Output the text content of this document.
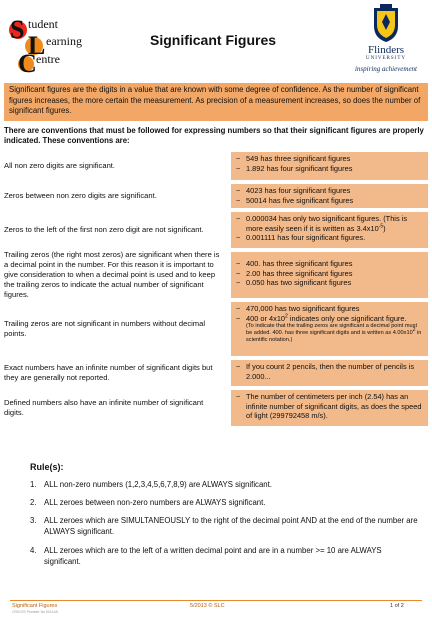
S
L
C
tudent
earning
entre
Significant Figures
Flinders
UNIVERSITY
inspiring achievement
Significant figures are the digits in a value that are known with some degree of confidence. As the number of significant figures increases, the more certain the measurement. As precision of a measurement increases, so does the number of significant figures.
There are conventions that must be followed for expressing numbers so that their significant figures are properly indicated. These conventions are:
All non zero digits are significant.
~ 549 has three significant figures
~ 1.892 has four significant figures
Zeros between non zero digits are significant.
~ 4023 has four significant figures
~ 50014 has five significant figures
Zeros to the left of the first non zero digit are not significant.
~ 0.000034 has only two significant figures. (This is more easily seen if it is written as $3.4x10^{-5}$)
~ 0.001111 has four significant figures.
Trailing zeros (the right most zeros) are significant when there is a decimal point in the number. For this reason it is important to give consideration to when a decimal point is used and to keep the trailing zeros to indicate the actual number of significant figures.
~ 400. has three significant figures
~ 2.00 has three significant figures
~ 0.050 has two significant figures
Trailing zeros are not significant in numbers without decimal points.
~ 470,000 has two significant figures
~ 400 or $4x10^2$ indicates only one significant figure.
(To indicate that the trailing zeros are significant a decimal point must be added. 400. has three significant digits and is written as $4.00x10^2$ in scientific notation.)
Exact numbers have an infinite number of significant digits but they are generally not reported.
~ If you count 2 pencils, then the number of pencils is 2.000...
Defined numbers also have an infinite number of significant digits.
~ The number of centimeters per inch (2.54) has an infinite number of significant digits, as does the speed of light (299792458 m/s).
Rule(s):
1. ALL non-zero numbers (1,2,3,4,5,6,7,8,9) are ALWAYS significant.
2. ALL zeroes between non-zero numbers are ALWAYS significant.
3. ALL zeroes which are SIMULTANEOUSLY to the right of the decimal point AND at the end of the number are ALWAYS significant.
4. ALL zeroes which are to the left of a written decimal point and are in a number >= 10 are ALWAYS significant.
Significant Figures
CRICOS Provider No 00114A
5/2013 © SLC	1 of 2
